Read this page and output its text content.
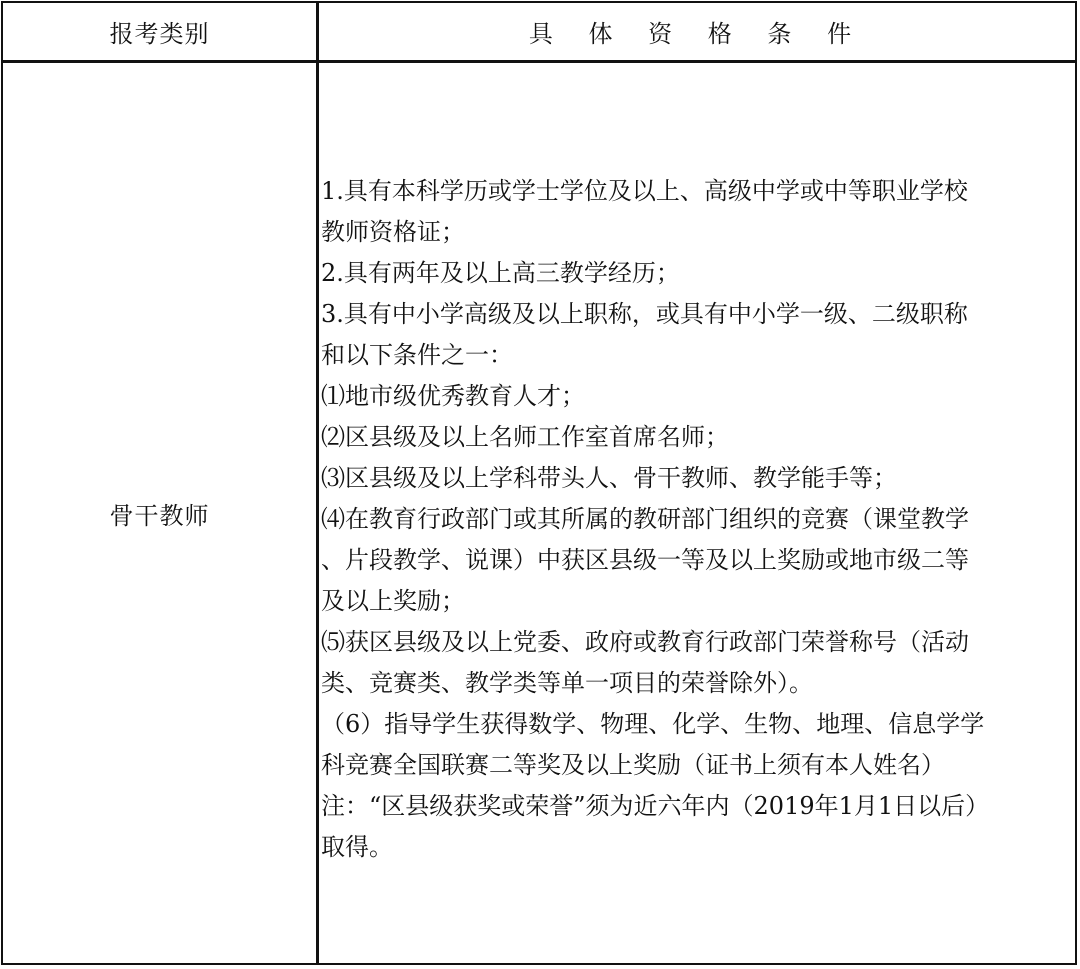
报考类别	具 体 资 格 条 件
骨干教师
1.具有本科学历或学士学位及以上、高级中学或中等职业学校
教师资格证；
2.具有两年及以上高三教学经历；
3.具有中小学高级及以上职称，或具有中小学一级、二级职称
和以下条件之一：
⑴地市级优秀教育人才；
⑵区县级及以上名师工作室首席名师；
⑶区县级及以上学科带头人、骨干教师、教学能手等；
⑷在教育行政部门或其所属的教研部门组织的竞赛（课堂教学
、片段教学、说课）中获区县级一等及以上奖励或地市级二等
及以上奖励；
⑸获区县级及以上党委、政府或教育行政部门荣誉称号（活动
类、竞赛类、教学类等单一项目的荣誉除外）。
（6）指导学生获得数学、物理、化学、生物、地理、信息学学
科竞赛全国联赛二等奖及以上奖励（证书上须有本人姓名）
注：“区县级获奖或荣誉”须为近六年内（2019年1月1日以后）
取得。
